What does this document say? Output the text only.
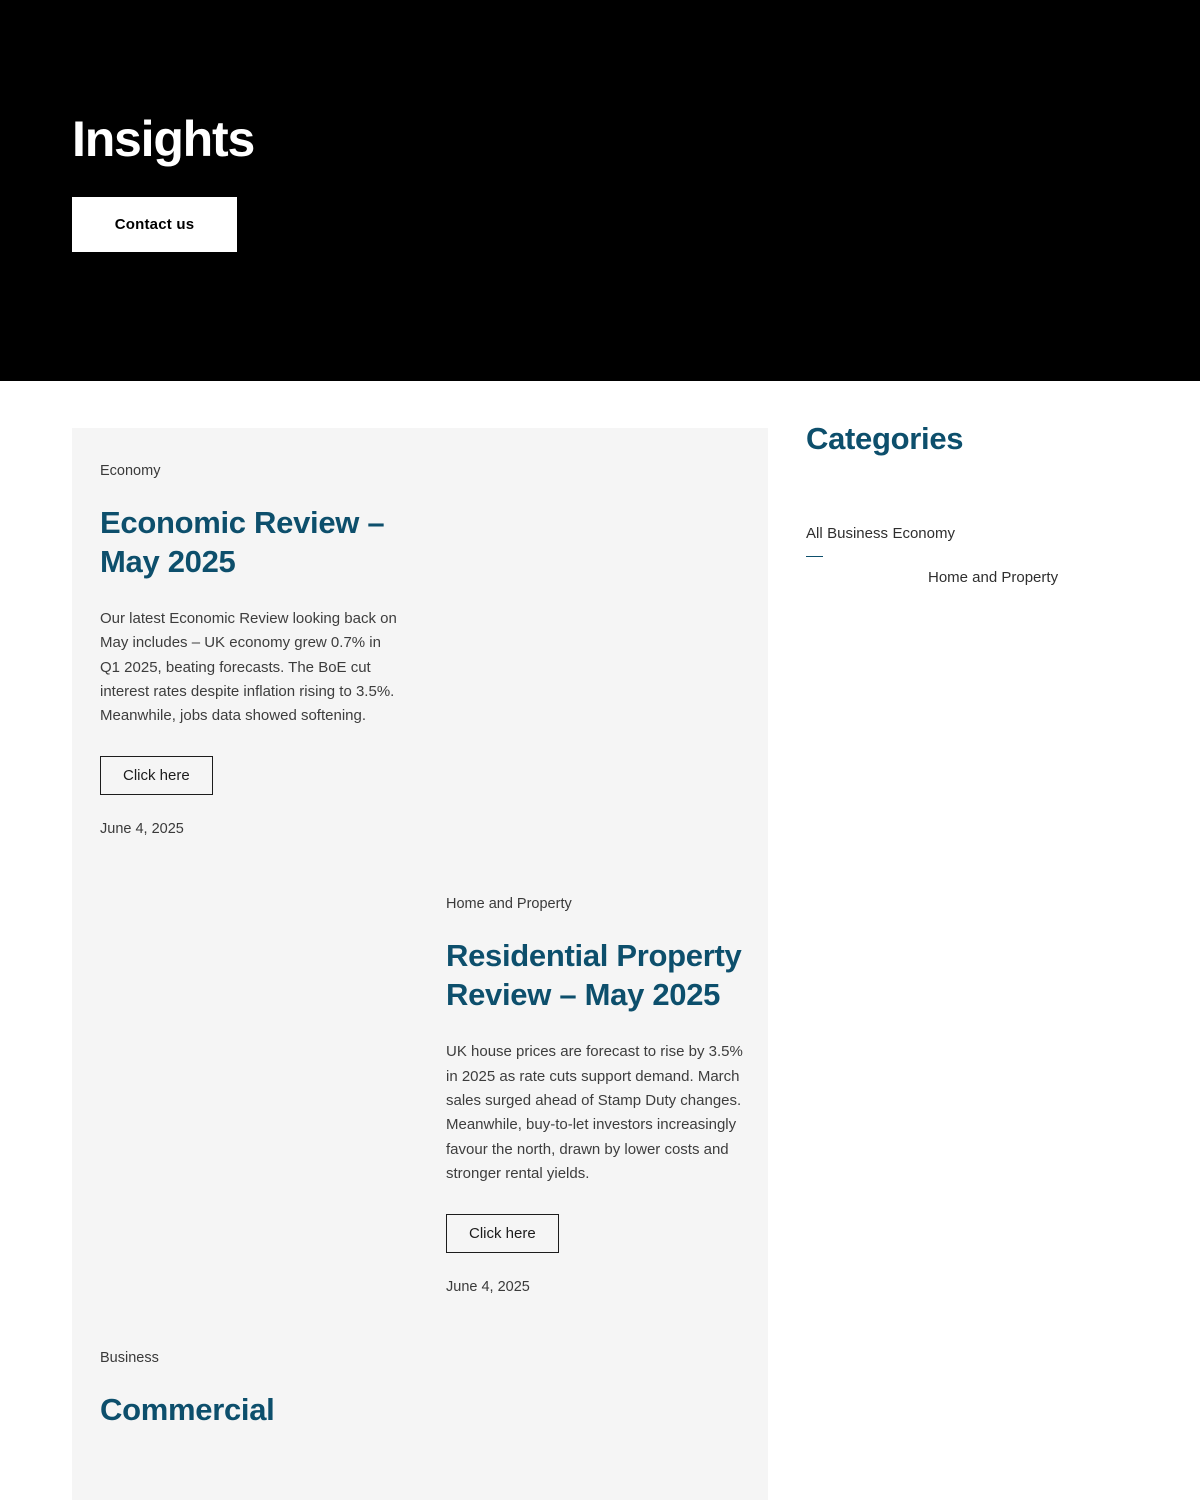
Insights
Contact us
Economy
Economic Review – May 2025

Our latest Economic Review looking back on May includes – UK economy grew 0.7% in Q1 2025, beating forecasts. The BoE cut interest rates despite inflation rising to 3.5%. Meanwhile, jobs data showed softening.

Click here

June 4, 2025

Home and Property
Residential Property Review – May 2025

UK house prices are forecast to rise by 3.5% in 2025 as rate cuts support demand. March sales surged ahead of Stamp Duty changes. Meanwhile, buy-to-let investors increasingly favour the north, drawn by lower costs and stronger rental yields.

Click here

June 4, 2025

Business
Commercial
Categories
All Business Economy
Home and Property
